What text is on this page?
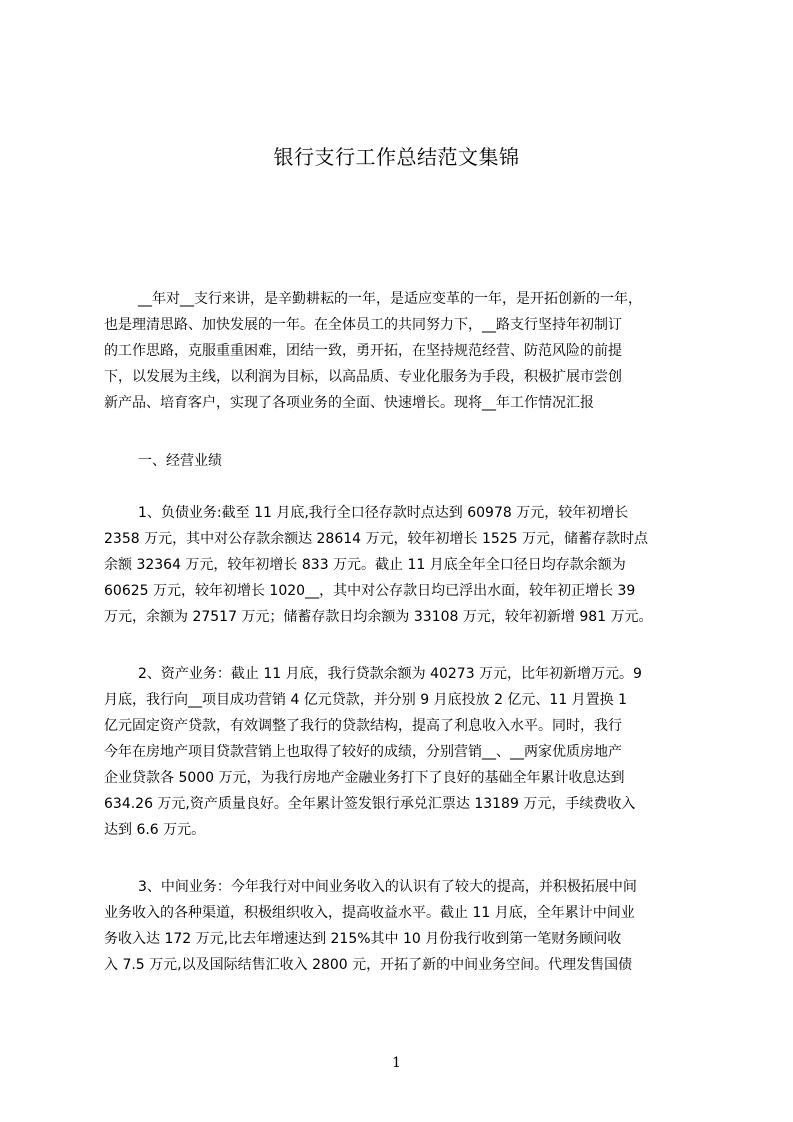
银行支行工作总结范文集锦
__年对__支行来讲，是辛勤耕耘的一年，是适应变革的一年，是开拓创新的一年，
也是理清思路、加快发展的一年。在全体员工的共同努力下，__路支行坚持年初制订
的工作思路，克服重重困难，团结一致，勇开拓，在坚持规范经营、防范风险的前提
下，以发展为主线，以利润为目标，以高品质、专业化服务为手段，积极扩展市尝创
新产品、培育客户，实现了各项业务的全面、快速增长。现将__年工作情况汇报
一、经营业绩
1、负债业务:截至 11 月底,我行全口径存款时点达到 60978 万元，较年初增长
2358 万元，其中对公存款余额达 28614 万元，较年初增长 1525 万元，储蓄存款时点
余额 32364 万元，较年初增长 833 万元。截止 11 月底全年全口径日均存款余额为
60625 万元，较年初增长 1020__，其中对公存款日均已浮出水面，较年初正增长 39
万元，余额为 27517 万元；储蓄存款日均余额为 33108 万元，较年初新增 981 万元。
2、资产业务：截止 11 月底，我行贷款余额为 40273 万元，比年初新增万元。9
月底，我行向__项目成功营销 4 亿元贷款，并分别 9 月底投放 2 亿元、11 月置换 1
亿元固定资产贷款，有效调整了我行的贷款结构，提高了利息收入水平。同时，我行
今年在房地产项目贷款营销上也取得了较好的成绩，分别营销__、__两家优质房地产
企业贷款各 5000 万元，为我行房地产金融业务打下了良好的基础全年累计收息达到
634.26 万元,资产质量良好。全年累计签发银行承兑汇票达 13189 万元，手续费收入
达到 6.6 万元。
3、中间业务：今年我行对中间业务收入的认识有了较大的提高，并积极拓展中间
业务收入的各种渠道，积极组织收入，提高收益水平。截止 11 月底，全年累计中间业
务收入达 172 万元,比去年增速达到 215%其中 10 月份我行收到第一笔财务顾问收
入 7.5 万元,以及国际结售汇收入 2800 元，开拓了新的中间业务空间。代理发售国债
1
